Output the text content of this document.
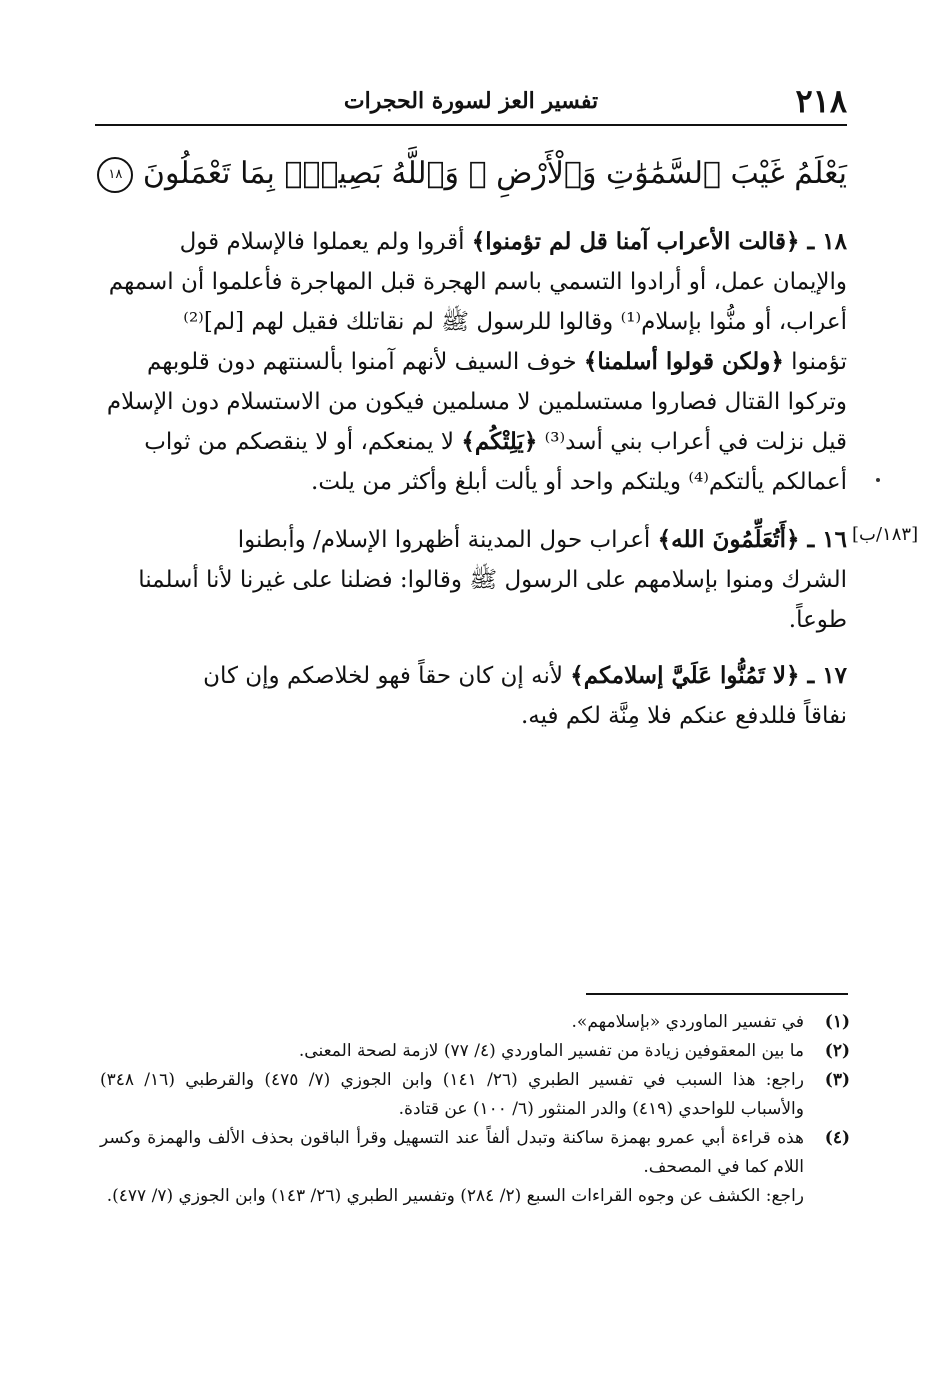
٢١٨
تفسير العز لسورة الحجرات
يَعْلَمُ غَيْبَ ٱلسَّمَٰوَٰتِ وَٱلْأَرْضِ ۚ وَٱللَّهُ بَصِيرٌۢ بِمَا تَعْمَلُونَ ١٨

١٨ ـ ﴿قالت الأعراب آمنا قل لم تؤمنوا﴾ أقروا ولم يعملوا فالإسلام قول

والإيمان عمل، أو أرادوا التسمي باسم الهجرة قبل المهاجرة فأعلموا أن اسمهم

أعراب، أو منُّوا بإسلام⁽¹⁾ وقالوا للرسول ﷺ لم نقاتلك فقيل لهم [لم]⁽²⁾

تؤمنوا ﴿ولكن قولوا أسلمنا﴾ خوف السيف لأنهم آمنوا بألسنتهم دون قلوبهم

وتركوا القتال فصاروا مستسلمين لا مسلمين فيكون من الاستسلام دون الإسلام

قيل نزلت في أعراب بني أسد⁽³⁾ ﴿يَلِتْكُم﴾ لا يمنعكم، أو لا ينقصكم من ثواب

أعمالكم يألتكم⁽⁴⁾ ويلتكم واحد أو يألت أبلغ وأكثر من يلت.

[١٨٣/ب]

١٦ ـ ﴿أَتُعَلِّمُونَ الله﴾ أعراب حول المدينة أظهروا الإسلام/ وأبطنوا

الشرك ومنوا بإسلامهم على الرسول ﷺ وقالوا: فضلنا على غيرنا لأنا أسلمنا

طوعاً.

١٧ ـ ﴿لا تَمُنُّوا عَلَيَّ إسلامكم﴾ لأنه إن كان حقاً فهو لخلاصكم وإن كان

نفاقاً فللدفع عنكم فلا مِنَّة لكم فيه.

(١)
في تفسير الماوردي «بإسلامهم».
(٢)
ما بين المعقوفين زيادة من تفسير الماوردي (٤/ ٧٧) لازمة لصحة المعنى.
(٣)
راجع: هذا السبب في تفسير الطبري (٢٦/ ١٤١) وابن الجوزي (٧/ ٤٧٥) والقرطبي (١٦/ ٣٤٨) والأسباب للواحدي (٤١٩) والدر المنثور (٦/ ١٠٠) عن قتادة.
(٤)
هذه قراءة أبي عمرو بهمزة ساكنة وتبدل ألفاً عند التسهيل وقرأ الباقون بحذف الألف والهمزة وكسر اللام كما في المصحف.
راجع: الكشف عن وجوه القراءات السبع (٢/ ٢٨٤) وتفسير الطبري (٢٦/ ١٤٣) وابن الجوزي (٧/ ٤٧٧).
